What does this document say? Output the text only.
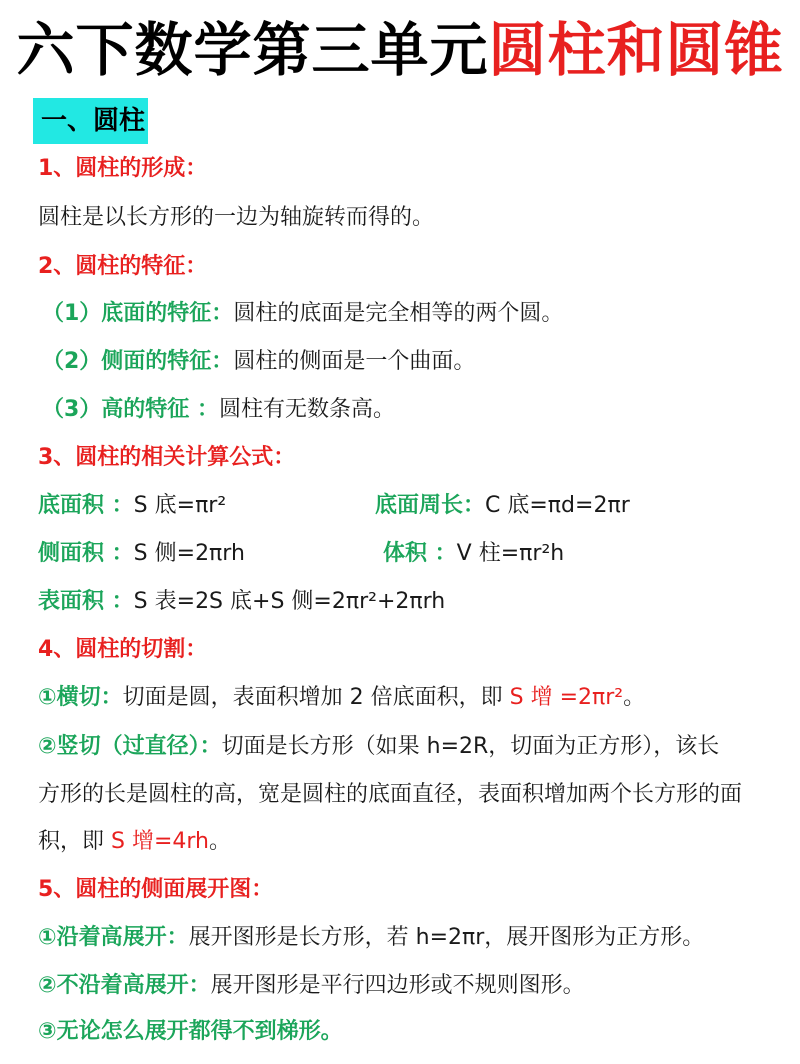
六下数学第三单元圆柱和圆锥
一、圆柱
1、圆柱的形成：
圆柱是以长方形的一边为轴旋转而得的。
2、圆柱的特征：
（1）底面的特征：圆柱的底面是完全相等的两个圆。
（2）侧面的特征：圆柱的侧面是一个曲面。
（3）高的特征 ：圆柱有无数条高。
3、圆柱的相关计算公式：
底面积 ：S 底=πr²	底面周长：C 底=πd=2πr
侧面积 ：S 侧=2πrh	体积 ：V 柱=πr²h
表面积 ：S 表=2S 底+S 侧=2πr²+2πrh
4、圆柱的切割：
①横切：切面是圆，表面积增加 2 倍底面积，即 S 增 =2πr²。
②竖切（过直径）：切面是长方形（如果 h=2R，切面为正方形），该长
方形的长是圆柱的高，宽是圆柱的底面直径，表面积增加两个长方形的面
积，即 S 增=4rh。
5、圆柱的侧面展开图：
①沿着高展开：展开图形是长方形，若 h=2πr，展开图形为正方形。
②不沿着高展开：展开图形是平行四边形或不规则图形。
③无论怎么展开都得不到梯形。
